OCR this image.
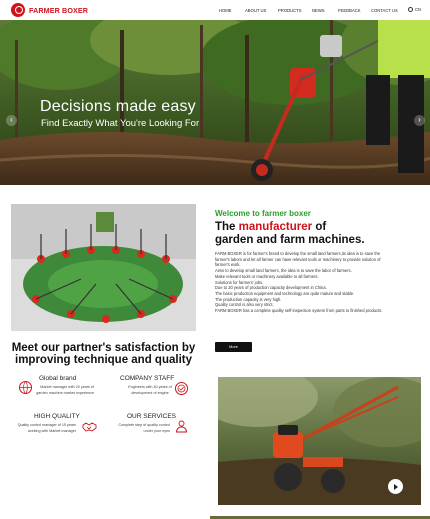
FARMER BOXER	HOME	ABOUT US	PRODUCTS	NEWS	FEEDBACK CONTACT US	CN
Decisions made easy
Find Exactly What You're Looking For
‹	›
Welcome to farmer boxer
The manufacturer of
garden and farm machines.
FARM BOXER is for farmer's brand to develop the small land farmers,its idea is to save the farmer's labors and let all farmer can have relevant tools or machinery to provide solution of farmer's work.
Aims to develop small land farmers, the idea is to save the labor of farmers.
Make relevant tools or machinery available to all farmers.
Solutions for farmers' jobs.
Due to 20 years of production capacity development in China.
The basic production equipment and technology are quite mature and stable.
The production capacity is very high.
Quality control is also very strict.
FARM BOXER has a complete quality self-inspection system from parts to finished products.
More
Meet our partner's satisfaction by
improving technique and quality
Global brand
Market manager with 20 years of
garden machine market experience
COMPANY STAFF
Engineers with 40 years of
development of engine
HIGH QUALITY
Quality control manager of 15 years
working with Market manager
OUR SERVICES
Complete step of quality control
under your eyes
